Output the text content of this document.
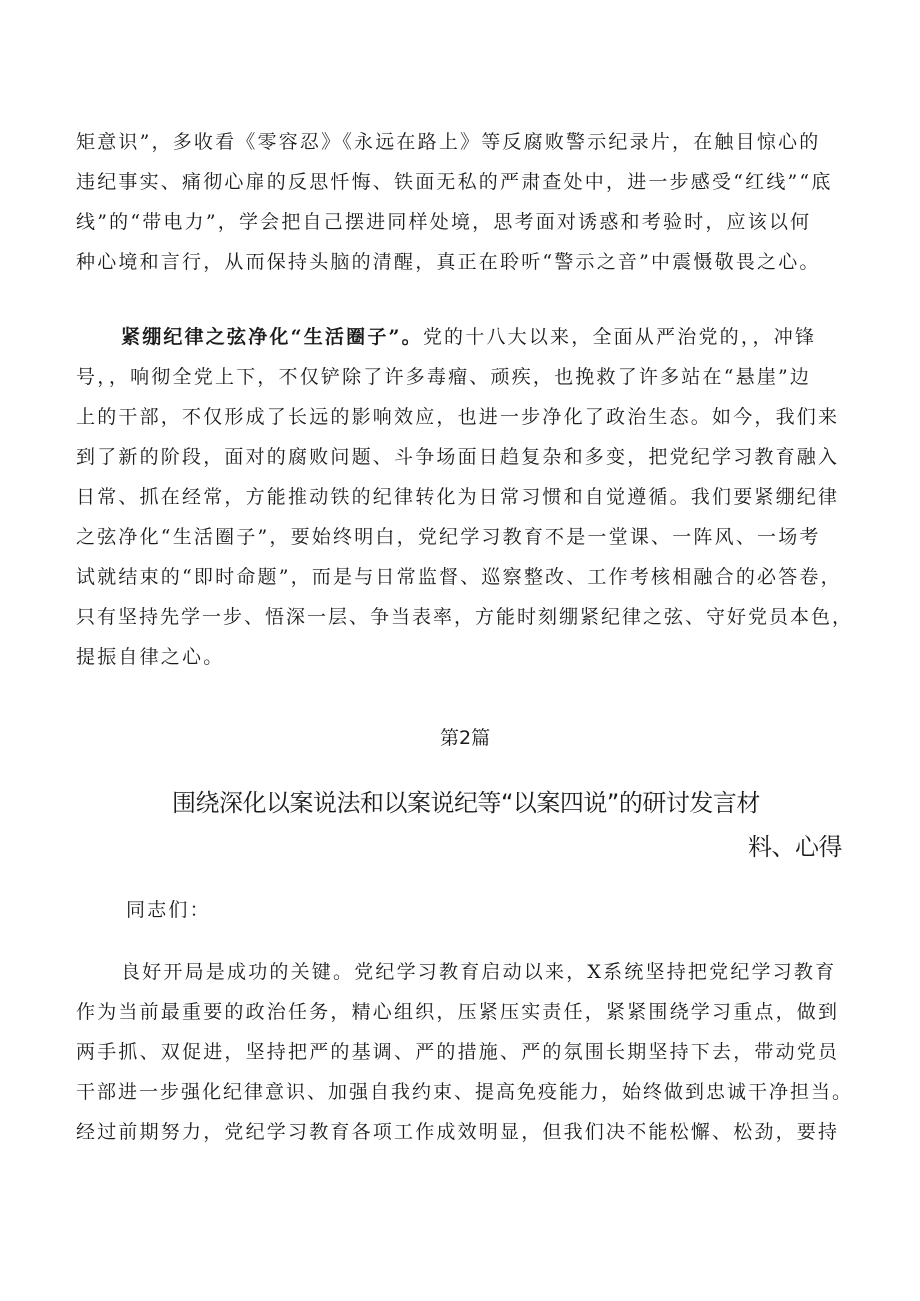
矩意识”，多收看《零容忍》《永远在路上》等反腐败警示纪录片，在触目惊心的
违纪事实、痛彻心扉的反思忏悔、铁面无私的严肃查处中，进一步感受“红线”“底
线”的“带电力”，学会把自己摆进同样处境，思考面对诱惑和考验时，应该以何
种心境和言行，从而保持头脑的清醒，真正在聆听“警示之音”中震慑敬畏之心。
紧绷纪律之弦净化“生活圈子”。党的十八大以来，全面从严治党的，，冲锋
号，，响彻全党上下，不仅铲除了许多毒瘤、顽疾，也挽救了许多站在“悬崖”边
上的干部，不仅形成了长远的影响效应，也进一步净化了政治生态。如今，我们来
到了新的阶段，面对的腐败问题、斗争场面日趋复杂和多变，把党纪学习教育融入
日常、抓在经常，方能推动铁的纪律转化为日常习惯和自觉遵循。我们要紧绷纪律
之弦净化“生活圈子”，要始终明白，党纪学习教育不是一堂课、一阵风、一场考
试就结束的“即时命题”，而是与日常监督、巡察整改、工作考核相融合的必答卷，
只有坚持先学一步、悟深一层、争当表率，方能时刻绷紧纪律之弦、守好党员本色，
提振自律之心。
第2篇
围绕深化以案说法和以案说纪等“以案四说”的研讨发言材
料、心得
同志们：
良好开局是成功的关键。党纪学习教育启动以来，X系统坚持把党纪学习教育
作为当前最重要的政治任务，精心组织，压紧压实责任，紧紧围绕学习重点，做到
两手抓、双促进，坚持把严的基调、严的措施、严的氛围长期坚持下去，带动党员
干部进一步强化纪律意识、加强自我约束、提高免疫能力，始终做到忠诚干净担当。
经过前期努力，党纪学习教育各项工作成效明显，但我们决不能松懈、松劲，要持
